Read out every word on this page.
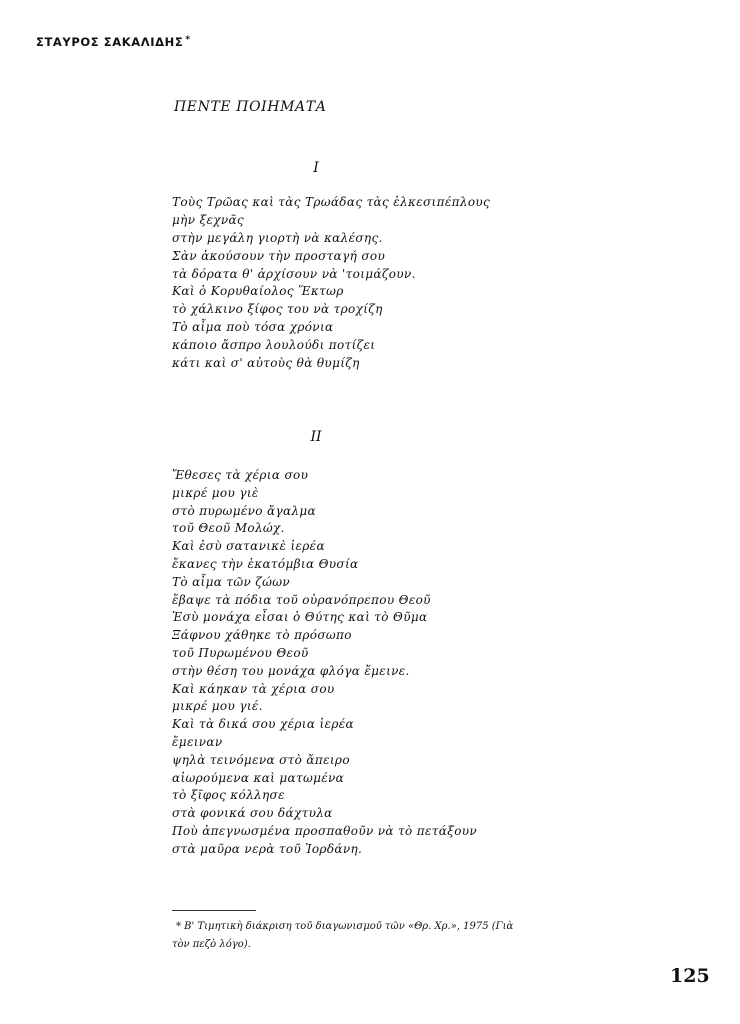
ΣΤΑΥΡΟΣ ΣΑΚΑΛΙΔΗΣ *
ΠΕΝΤΕ ΠΟΙΗΜΑΤΑ
Ι
Τοὺς Τρῶας καὶ τὰς Τρωάδας τὰς ἑλκεσιπέπλους
μὴν ξεχνᾶς
στὴν μεγάλη γιορτὴ νὰ καλέσης.
Σὰν ἀκούσουν τὴν προσταγή σου
τὰ δόρατα θ' ἀρχίσουν νὰ 'τοιμάζουν.
Καὶ ὁ Κορυθαίολος Ἕκτωρ
τὸ χάλκινο ξίφος του νὰ τροχίζη
Τὸ αἷμα ποὺ τόσα χρόνια
κάποιο ἄσπρο λουλούδι ποτίζει
κάτι καὶ σ' αὐτοὺς θὰ θυμίζη
ΙΙ
Ἔθεσες τὰ χέρια σου
μικρέ μου γιὲ
στὸ πυρωμένο ἄγαλμα
τοῦ Θεοῦ Μολώχ.
Καὶ ἐσὺ σατανικὲ ἱερέα
ἔκανες τὴν ἑκατόμβια Θυσία
Τὸ αἷμα τῶν ζώων
ἔβαψε τὰ πόδια τοῦ οὐρανόπρεπου Θεοῦ
Ἐσὺ μονάχα εἶσαι ὁ Θύτης καὶ τὸ Θῦμα
Ξάφνου χάθηκε τὸ πρόσωπο
τοῦ Πυρωμένου Θεοῦ
στὴν θέση του μονάχα φλόγα ἔμεινε.
Καὶ κάηκαν τὰ χέρια σου
μικρέ μου γιέ.
Καὶ τὰ δικά σου χέρια ἱερέα
ἔμειναν
ψηλὰ τεινόμενα στὸ ἄπειρο
αἰωρούμενα καὶ ματωμένα
τὸ ξῖφος κόλλησε
στὰ φονικά σου δάχτυλα
Ποὺ ἀπεγνωσμένα προσπαθοῦν νὰ τὸ πετάξουν
στὰ μαῦρα νερὰ τοῦ Ἰορδάνη.
* Β' Τιμητικὴ διάκριση τοῦ διαγωνισμοῦ τῶν «Θρ. Χρ.», 1975 (Γιὰ
τὸν πεζὸ λόγο).
125
